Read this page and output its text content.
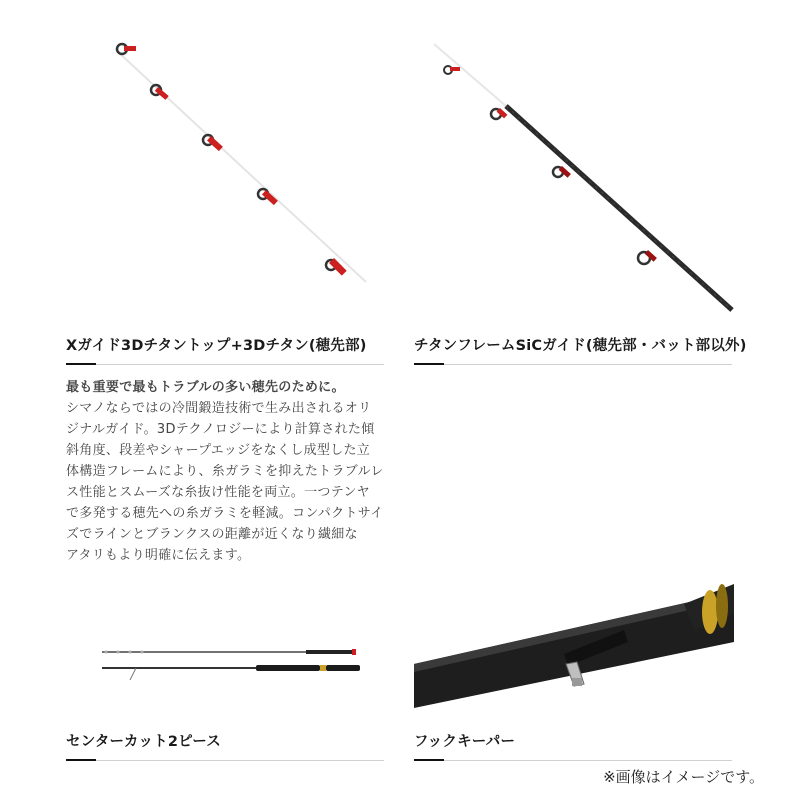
Xガイド3Dチタントップ+3Dチタン(穂先部)
最も重要で最もトラブルの多い穂先のために。
シマノならではの冷間鍛造技術で生み出されるオリ
ジナルガイド。3Dテクノロジーにより計算された傾
斜角度、段差やシャープエッジをなくし成型した立
体構造フレームにより、糸ガラミを抑えたトラブルレ
ス性能とスムーズな糸抜け性能を両立。一つテンヤ
で多発する穂先への糸ガラミを軽減。コンパクトサイ
ズでラインとブランクスの距離が近くなり繊細な
アタリもより明確に伝えます。
チタンフレームSiCガイド(穂先部・バット部以外)
センターカット2ピース	フックキーパー
※画像はイメージです。
